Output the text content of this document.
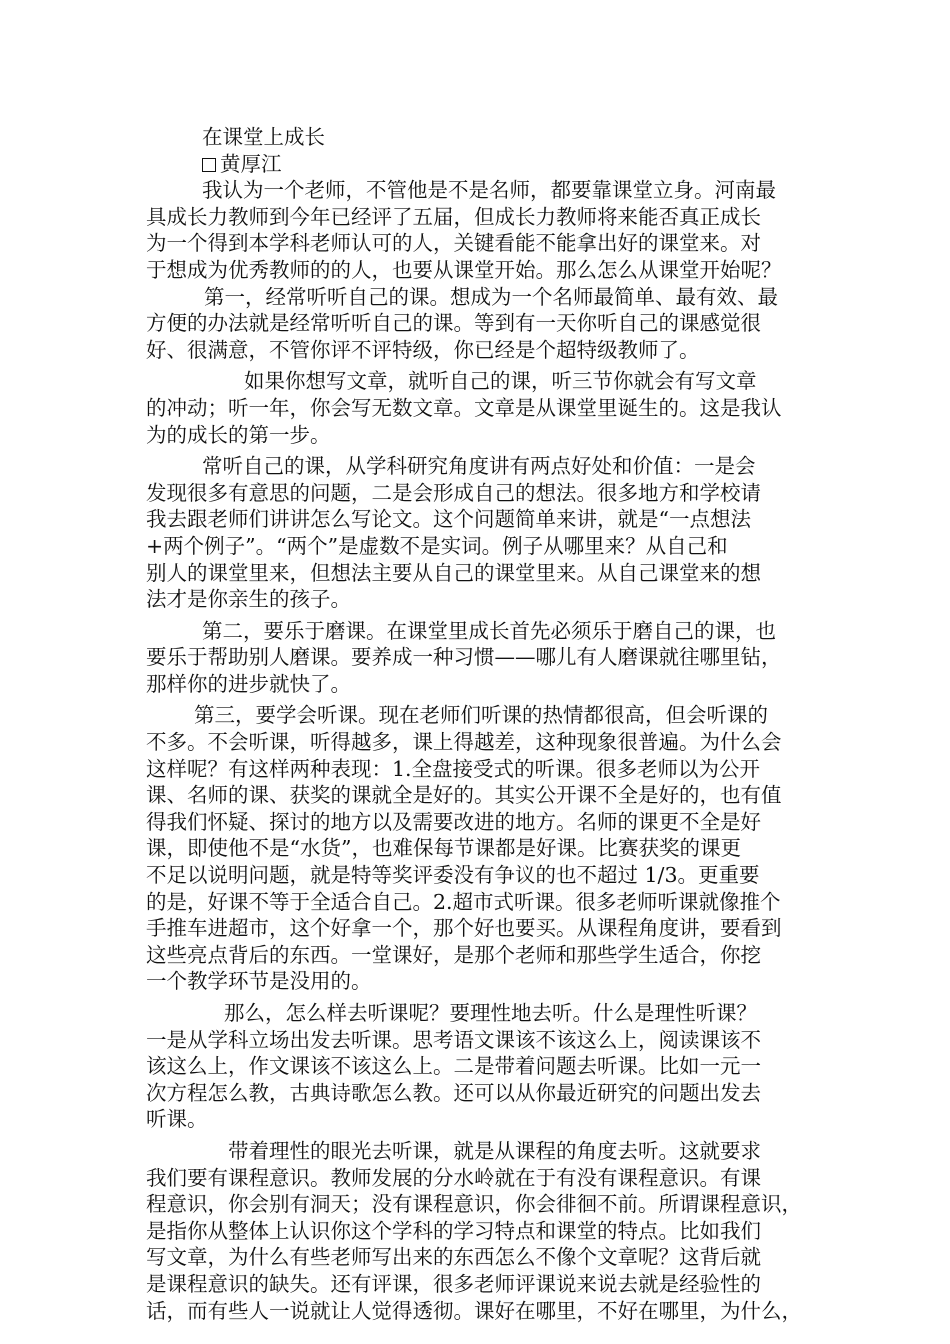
在课堂上成长
黄厚江
我认为一个老师，不管他是不是名师，都要靠课堂立身。河南最
具成长力教师到今年已经评了五届，但成长力教师将来能否真正成长
为一个得到本学科老师认可的人，关键看能不能拿出好的课堂来。对
于想成为优秀教师的的人，也要从课堂开始。那么怎么从课堂开始呢？
第一，经常听听自己的课。想成为一个名师最简单、最有效、最
方便的办法就是经常听听自己的课。等到有一天你听自己的课感觉很
好、很满意，不管你评不评特级，你已经是个超特级教师了。
如果你想写文章，就听自己的课，听三节你就会有写文章
的冲动；听一年，你会写无数文章。文章是从课堂里诞生的。这是我认
为的成长的第一步。
常听自己的课，从学科研究角度讲有两点好处和价值：一是会
发现很多有意思的问题，二是会形成自己的想法。很多地方和学校请
我去跟老师们讲讲怎么写论文。这个问题简单来讲，就是“一点想法
+两个例子”。“两个”是虚数不是实词。例子从哪里来？从自己和
别人的课堂里来，但想法主要从自己的课堂里来。从自己课堂来的想
法才是你亲生的孩子。
第二，要乐于磨课。在课堂里成长首先必须乐于磨自己的课，也
要乐于帮助别人磨课。要养成一种习惯——哪儿有人磨课就往哪里钻，
那样你的进步就快了。
第三，要学会听课。现在老师们听课的热情都很高，但会听课的
不多。不会听课，听得越多，课上得越差，这种现象很普遍。为什么会
这样呢？有这样两种表现：1.全盘接受式的听课。很多老师以为公开
课、名师的课、获奖的课就全是好的。其实公开课不全是好的，也有值
得我们怀疑、探讨的地方以及需要改进的地方。名师的课更不全是好
课，即使他不是“水货”，也难保每节课都是好课。比赛获奖的课更
不足以说明问题，就是特等奖评委没有争议的也不超过 1/3。更重要
的是，好课不等于全适合自己。2.超市式听课。很多老师听课就像推个
手推车进超市，这个好拿一个，那个好也要买。从课程角度讲，要看到
这些亮点背后的东西。一堂课好，是那个老师和那些学生适合，你挖
一个教学环节是没用的。
那么，怎么样去听课呢？要理性地去听。什么是理性听课？
一是从学科立场出发去听课。思考语文课该不该这么上，阅读课该不
该这么上，作文课该不该这么上。二是带着问题去听课。比如一元一
次方程怎么教，古典诗歌怎么教。还可以从你最近研究的问题出发去
听课。
带着理性的眼光去听课，就是从课程的角度去听。这就要求
我们要有课程意识。教师发展的分水岭就在于有没有课程意识。有课
程意识，你会别有洞天；没有课程意识，你会徘徊不前。所谓课程意识，
是指你从整体上认识你这个学科的学习特点和课堂的特点。比如我们
写文章，为什么有些老师写出来的东西怎么不像个文章呢？这背后就
是课程意识的缺失。还有评课，很多老师评课说来说去就是经验性的
话，而有些人一说就让人觉得透彻。课好在哪里，不好在哪里，为什么，
